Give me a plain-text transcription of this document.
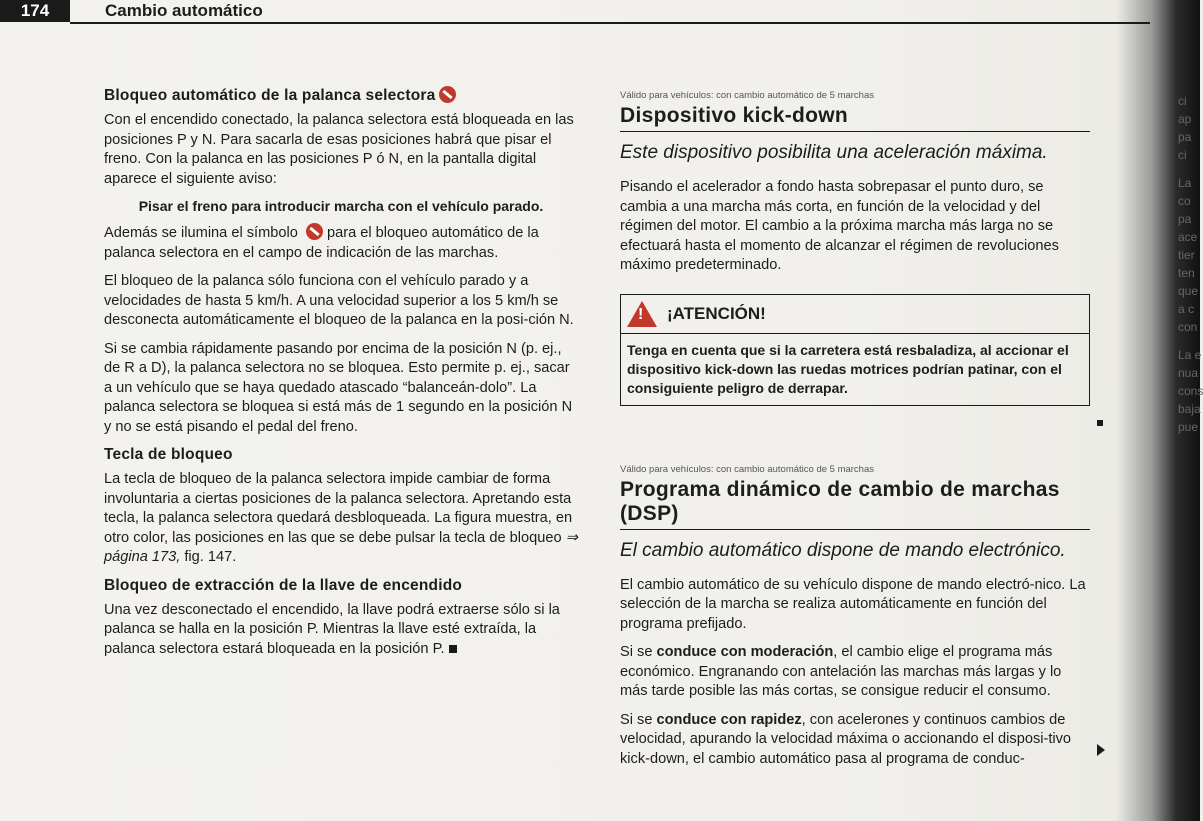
174	Cambio automático
Bloqueo automático de la palanca selectora

Con el encendido conectado, la palanca selectora está bloqueada en las posiciones P y N. Para sacarla de esas posiciones habrá que pisar el freno. Con la palanca en las posiciones P ó N, en la pantalla digital aparece el siguiente aviso:

Pisar el freno para introducir marcha con el vehículo parado.

Además se ilumina el símbolo para el bloqueo automático de la palanca selectora en el campo de indicación de las marchas.

El bloqueo de la palanca sólo funciona con el vehículo parado y a velocidades de hasta 5 km/h. A una velocidad superior a los 5 km/h se desconecta automáticamente el bloqueo de la palanca en la posi-ción N.

Si se cambia rápidamente pasando por encima de la posición N (p. ej., de R a D), la palanca selectora no se bloquea. Esto permite p. ej., sacar a un vehículo que se haya quedado atascado “balanceán-dolo”. La palanca selectora se bloquea si está más de 1 segundo en la posición N y no se está pisando el pedal del freno.

Tecla de bloqueo

La tecla de bloqueo de la palanca selectora impide cambiar de forma involuntaria a ciertas posiciones de la palanca selectora. Apretando esta tecla, la palanca selectora quedará desbloqueada. La figura muestra, en otro color, las posiciones en las que se debe pulsar la tecla de bloqueo ⇒ página 173, fig. 147.

Bloqueo de extracción de la llave de encendido

Una vez desconectado el encendido, la llave podrá extraerse sólo si la palanca se halla en la posición P. Mientras la llave esté extraída, la palanca selectora estará bloqueada en la posición P.

Válido para vehículos: con cambio automático de 5 marchas

Dispositivo kick-down

Este dispositivo posibilita una aceleración máxima.

Pisando el acelerador a fondo hasta sobrepasar el punto duro, se cambia a una marcha más corta, en función de la velocidad y del régimen del motor. El cambio a la próxima marcha más larga no se efectuará hasta el momento de alcanzar el régimen de revoluciones máximo predeterminado.

!
¡ATENCIÓN!
Tenga en cuenta que si la carretera está resbaladiza, al accionar el dispositivo kick-down las ruedas motrices podrían patinar, con el consiguiente peligro de derrapar.

Válido para vehículos: con cambio automático de 5 marchas

Programa dinámico de cambio de marchas (DSP)

El cambio automático dispone de mando electrónico.

El cambio automático de su vehículo dispone de mando electró-nico. La selección de la marcha se realiza automáticamente en función del programa prefijado.

Si se conduce con moderación, el cambio elige el programa más económico. Engranando con antelación las marchas más largas y lo más tarde posible las más cortas, se consigue reducir el consumo.

Si se conduce con rapidez, con acelerones y continuos cambios de velocidad, apurando la velocidad máxima o accionando el disposi-tivo kick-down, el cambio automático pasa al programa de conduc-

ci
ap
pa
ci
La
co
pa
ace
tier
ten
que
a c
con
La e
nua
cons
baja
pue
